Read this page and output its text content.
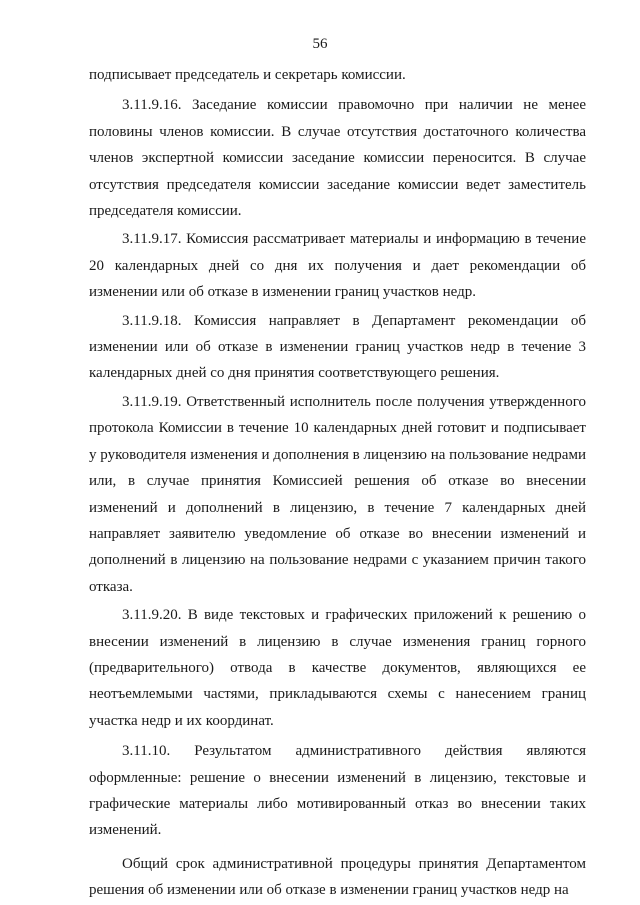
56

подписывает председатель и секретарь комиссии.

3.11.9.16. Заседание комиссии правомочно при наличии не менее половины членов комиссии. В случае отсутствия достаточного количества членов экспертной комиссии заседание комиссии переносится. В случае отсутствия председателя комиссии заседание комиссии ведет заместитель председателя комиссии.

3.11.9.17. Комиссия рассматривает материалы и информацию в течение 20 календарных дней со дня их получения и дает рекомендации об изменении или об отказе в изменении границ участков недр.

3.11.9.18. Комиссия направляет в Департамент рекомендации об изменении или об отказе в изменении границ участков недр в течение 3 календарных дней со дня принятия соответствующего решения.

3.11.9.19. Ответственный исполнитель после получения утвержденного протокола Комиссии в течение 10 календарных дней готовит и подписывает у руководителя изменения и дополнения в лицензию на пользование недрами или, в случае принятия Комиссией решения об отказе во внесении изменений и дополнений в лицензию, в течение 7 календарных дней направляет заявителю уведомление об отказе во внесении изменений и дополнений в лицензию на пользование недрами с указанием причин такого отказа.

3.11.9.20. В виде текстовых и графических приложений к решению о внесении изменений в лицензию в случае изменения границ горного (предварительного) отвода в качестве документов, являющихся ее неотъемлемыми частями, прикладываются схемы с нанесением границ участка недр и их координат.

3.11.10. Результатом административного действия являются оформленные: решение о внесении изменений в лицензию, текстовые и графические материалы либо мотивированный отказ во внесении таких изменений.

Общий срок административной процедуры принятия Департаментом решения об изменении или об отказе в изменении границ участков недр на
